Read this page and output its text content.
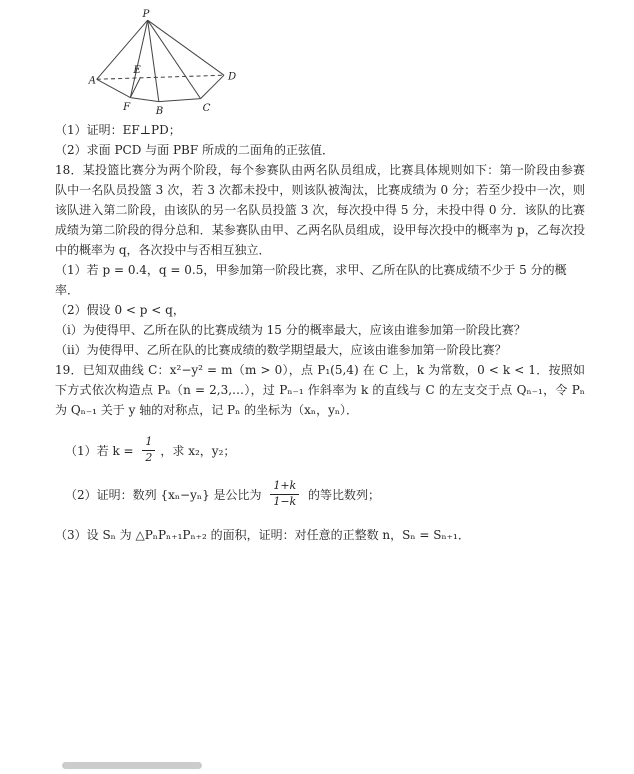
P
A
E
D
F	B	C

（1）证明：EF⊥PD；

（2）求面 PCD 与面 PBF 所成的二面角的正弦值．

18．某投篮比赛分为两个阶段，每个参赛队由两名队员组成，比赛具体规则如下：第一阶段由参赛队中一名队员投篮 3 次，若 3 次都未投中，则该队被淘汰，比赛成绩为 0 分；若至少投中一次，则该队进入第二阶段，由该队的另一名队员投篮 3 次，每次投中得 5 分，未投中得 0 分．该队的比赛成绩为第二阶段的得分总和．某参赛队由甲、乙两名队员组成，设甲每次投中的概率为 p，乙每次投中的概率为 q，各次投中与否相互独立．

（1）若 p = 0.4，q = 0.5，甲参加第一阶段比赛，求甲、乙所在队的比赛成绩不少于 5 分的概率．

（2）假设 0 < p < q，

（i）为使得甲、乙所在队的比赛成绩为 15 分的概率最大，应该由谁参加第一阶段比赛？

（ii）为使得甲、乙所在队的比赛成绩的数学期望最大，应该由谁参加第一阶段比赛？

19．已知双曲线 C：x²−y² = m（m > 0），点 P₁(5,4) 在 C 上，k 为常数，0 < k < 1．按照如下方式依次构造点 Pₙ（n = 2,3,…），过 Pₙ₋₁ 作斜率为 k 的直线与 C 的左支交于点 Qₙ₋₁，令 Pₙ 为 Qₙ₋₁ 关于 y 轴的对称点，记 Pₙ 的坐标为（xₙ，yₙ）．

（1）若 $k = \frac{1}{2}$ ，求 x₂，y₂；
（2）证明：数列 {xₙ−yₙ} 是公比为 $\frac{1+k}{1-k}$ 的等比数列；

（3）设 Sₙ 为 △PₙPₙ₊₁Pₙ₊₂ 的面积，证明：对任意的正整数 n，Sₙ = Sₙ₊₁．
